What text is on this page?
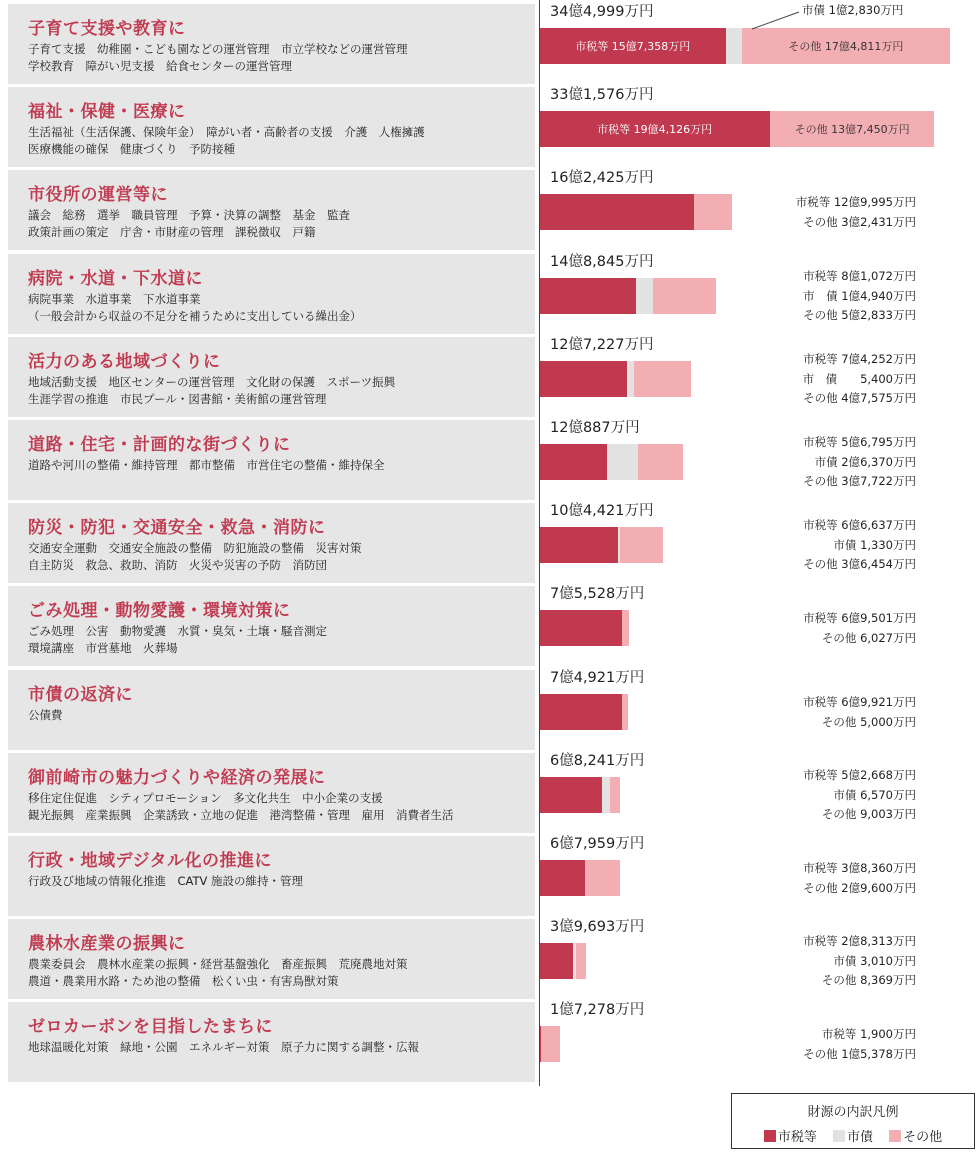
子育て支援や教育に
子育て支援　幼稚園・こども園などの運営管理　市立学校などの運営管理
学校教育　障がい児支援　給食センターの運営管理
34億4,999万円
市税等 15億7,358万円	その他 17億4,811万円
福祉・保健・医療に
生活福祉（生活保護、保険年金）　障がい者・高齢者の支援　介護　人権擁護
医療機能の確保　健康づくり　予防接種
33億1,576万円
市税等 19億4,126万円	その他 13億7,450万円
市役所の運営等に
議会　総務　選挙　職員管理　予算・決算の調整　基金　監査
政策計画の策定　庁舎・市財産の管理　課税徴収　戸籍
16億2,425万円
市税等 12億9,995万円
その他 3億2,431万円
病院・水道・下水道に
病院事業　水道事業　下水道事業
（一般会計から収益の不足分を補うために支出している繰出金）
14億8,845万円
市税等 8億1,072万円
市　債 1億4,940万円
その他 5億2,833万円
活力のある地域づくりに
地域活動支援　地区センターの運営管理　文化財の保護　スポーツ振興
生涯学習の推進　市民プール・図書館・美術館の運営管理
12億7,227万円
市税等 7億4,252万円
市　債　　5,400万円
その他 4億7,575万円
道路・住宅・計画的な街づくりに
道路や河川の整備・維持管理　都市整備　市営住宅の整備・維持保全
12億887万円
市税等 5億6,795万円
市債 2億6,370万円
その他 3億7,722万円
防災・防犯・交通安全・救急・消防に
交通安全運動　交通安全施設の整備　防犯施設の整備　災害対策
自主防災　救急、救助、消防　火災や災害の予防　消防団
10億4,421万円
市税等 6億6,637万円
市債 1,330万円
その他 3億6,454万円
ごみ処理・動物愛護・環境対策に
ごみ処理　公害　動物愛護　水質・臭気・土壌・騒音測定
環境講座　市営墓地　火葬場
7億5,528万円
市税等 6億9,501万円
その他 6,027万円
市債の返済に
公債費
7億4,921万円
市税等 6億9,921万円
その他 5,000万円
御前崎市の魅力づくりや経済の発展に
移住定住促進　シティプロモーション　多文化共生　中小企業の支援
観光振興　産業振興　企業誘致・立地の促進　港湾整備・管理　雇用　消費者生活
6億8,241万円
市税等 5億2,668万円
市債 6,570万円
その他 9,003万円
行政・地域デジタル化の推進に
行政及び地域の情報化推進　CATV 施設の維持・管理
6億7,959万円
市税等 3億8,360万円
その他 2億9,600万円
農林水産業の振興に
農業委員会　農林水産業の振興・経営基盤強化　畜産振興　荒廃農地対策
農道・農業用水路・ため池の整備　松くい虫・有害鳥獣対策
3億9,693万円
市税等 2億8,313万円
市債 3,010万円
その他 8,369万円
ゼロカーボンを目指したまちに
地球温暖化対策　緑地・公園　エネルギー対策　原子力に関する調整・広報
1億7,278万円
市税等 1,900万円
その他 1億5,378万円
市債 1億2,830万円
財源の内訳凡例
市税等 市債 その他
